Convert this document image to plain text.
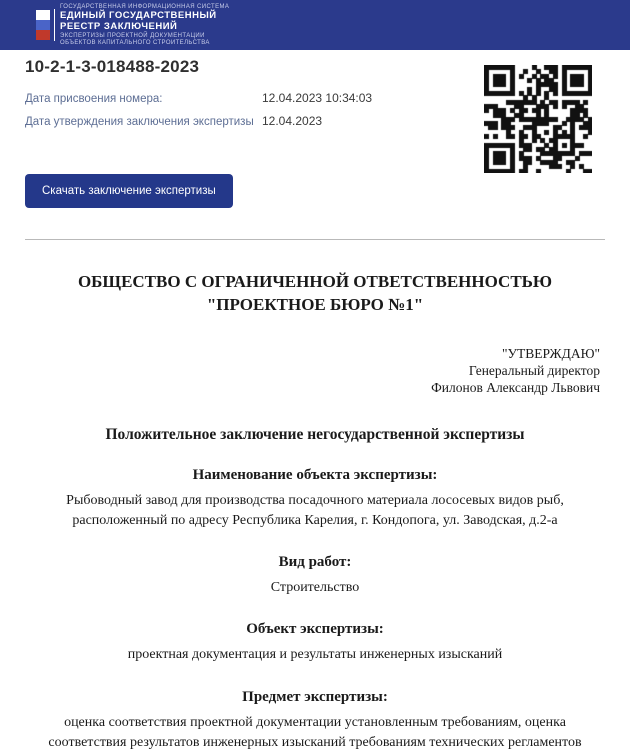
ГОСУДАРСТВЕННАЯ ИНФОРМАЦИОННАЯ СИСТЕМА
ЕДИНЫЙ ГОСУДАРСТВЕННЫЙ
РЕЕСТР ЗАКЛЮЧЕНИЙ
ЭКСПЕРТИЗЫ ПРОЕКТНОЙ ДОКУМЕНТАЦИИ
ОБЪЕКТОВ КАПИТАЛЬНОГО СТРОИТЕЛЬСТВА
10-2-1-3-018488-2023
Дата присвоения номера:	12.04.2023 10:34:03
Дата утверждения заключения экспертизы 12.04.2023
Скачать заключение экспертизы
ОБЩЕСТВО С ОГРАНИЧЕННОЙ ОТВЕТСТВЕННОСТЬЮ
"ПРОЕКТНОЕ БЮРО №1"
"УТВЕРЖДАЮ"
Генеральный директор
Филонов Александр Львович
Положительное заключение негосударственной экспертизы
Наименование объекта экспертизы:
Рыбоводный завод для производства посадочного материала лососевых видов рыб, расположенный по адресу Республика Карелия, г. Кондопога, ул. Заводская, д.2-а
Вид работ:
Строительство
Объект экспертизы:
проектная документация и результаты инженерных изысканий
Предмет экспертизы:
оценка соответствия проектной документации установленным требованиям, оценка соответствия результатов инженерных изысканий требованиям технических регламентов
